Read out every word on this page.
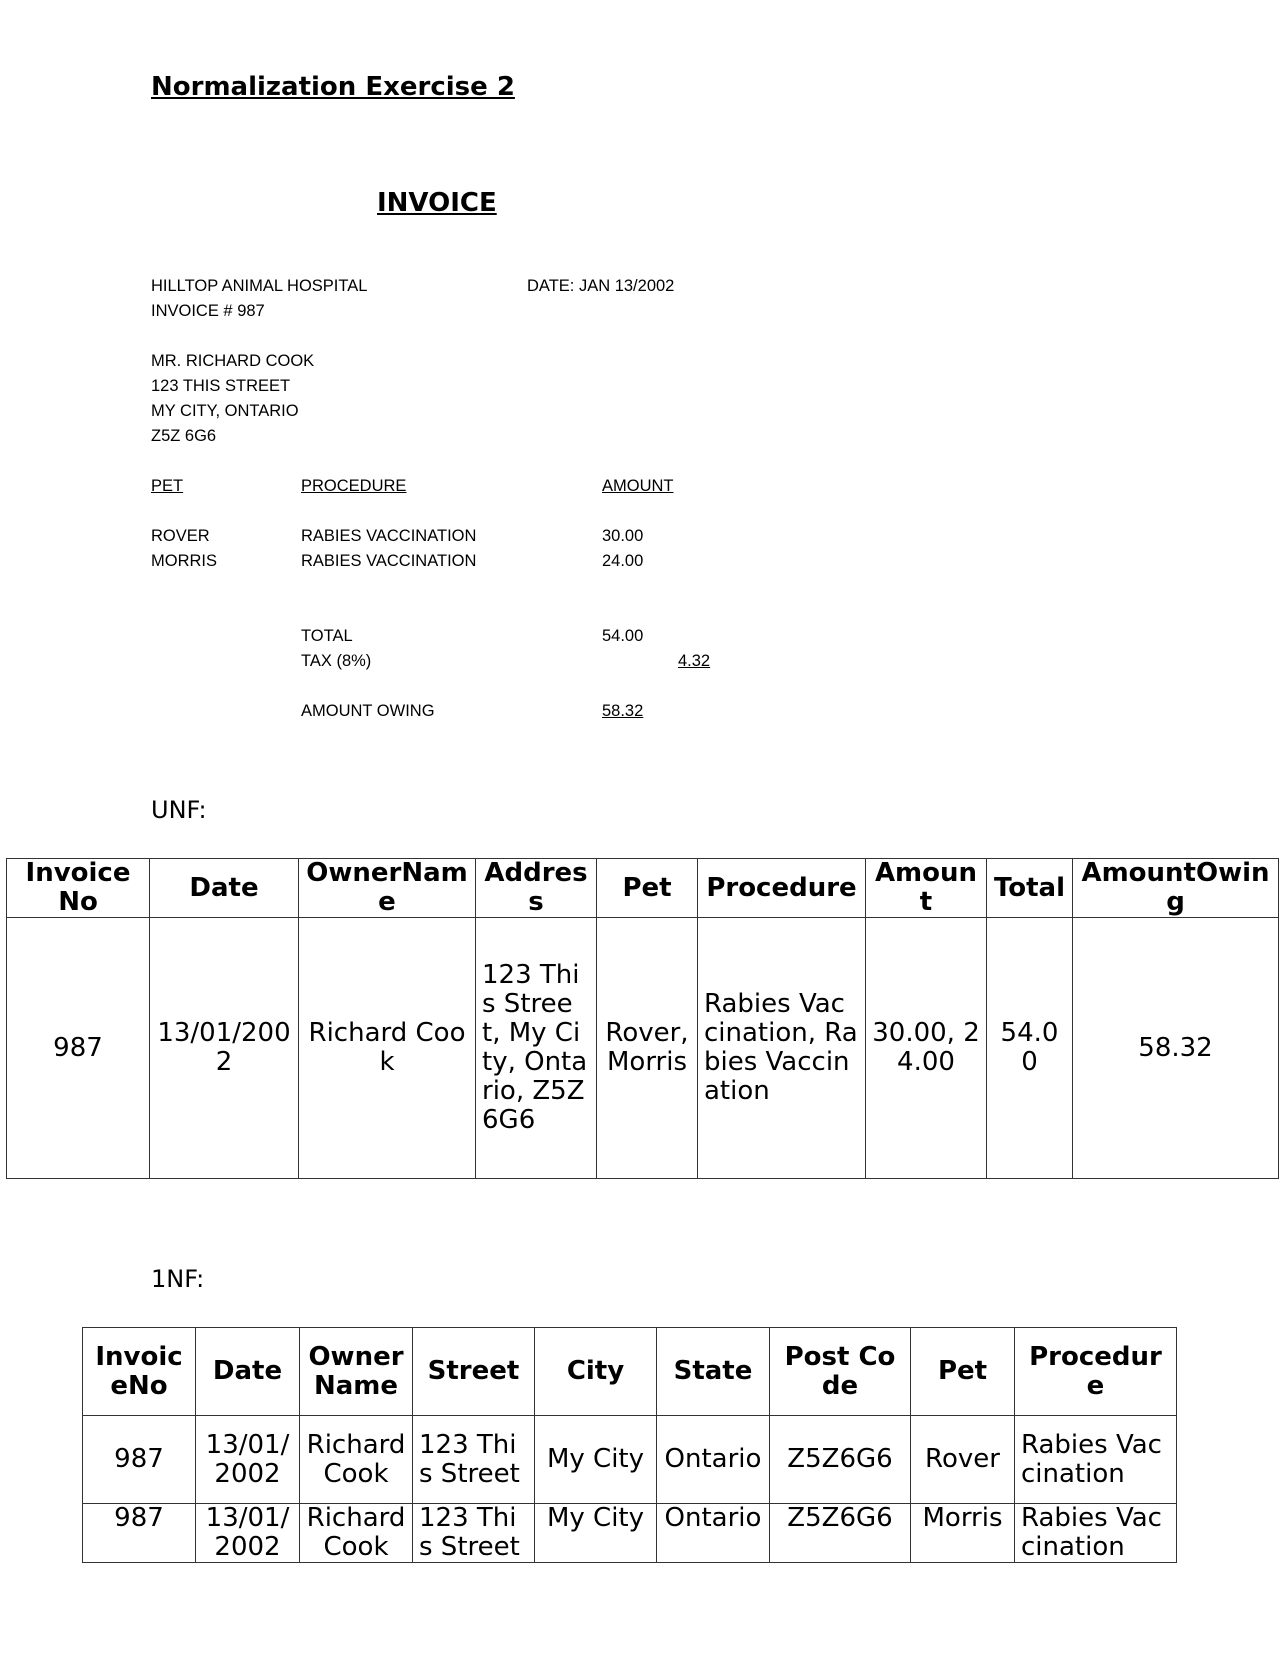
Normalization Exercise 2
INVOICE
HILLTOP ANIMAL HOSPITAL	DATE: JAN 13/2002
INVOICE # 987
MR. RICHARD COOK
123 THIS STREET
MY CITY, ONTARIO
Z5Z 6G6
PET	PROCEDURE	AMOUNT
ROVER	RABIES VACCINATION	30.00
MORRIS	RABIES VACCINATION	24.00
TOTAL	54.00
TAX (8%)	4.32
AMOUNT OWING	58.32
UNF:
Invoice No	Date	OwnerName	Address	Pet	Procedure	Amount	Total	AmountOwing
987	13/01/2002	Richard Cook	123 This Street, My City, Ontario, Z5Z6G6	Rover, Morris	Rabies Vaccination, Rabies Vaccination	30.00, 24.00	54.00	58.32
1NF:
InvoiceNo	Date	OwnerName	Street	City	State	Post Code	Pet	Procedure
987	13/01/2002	Richard Cook	123 This Street	My City	Ontario	Z5Z6G6	Rover	Rabies Vaccination

987	13/01/2002	Richard Cook	123 This Street	My City	Ontario	Z5Z6G6	Morris	Rabies Vaccination
